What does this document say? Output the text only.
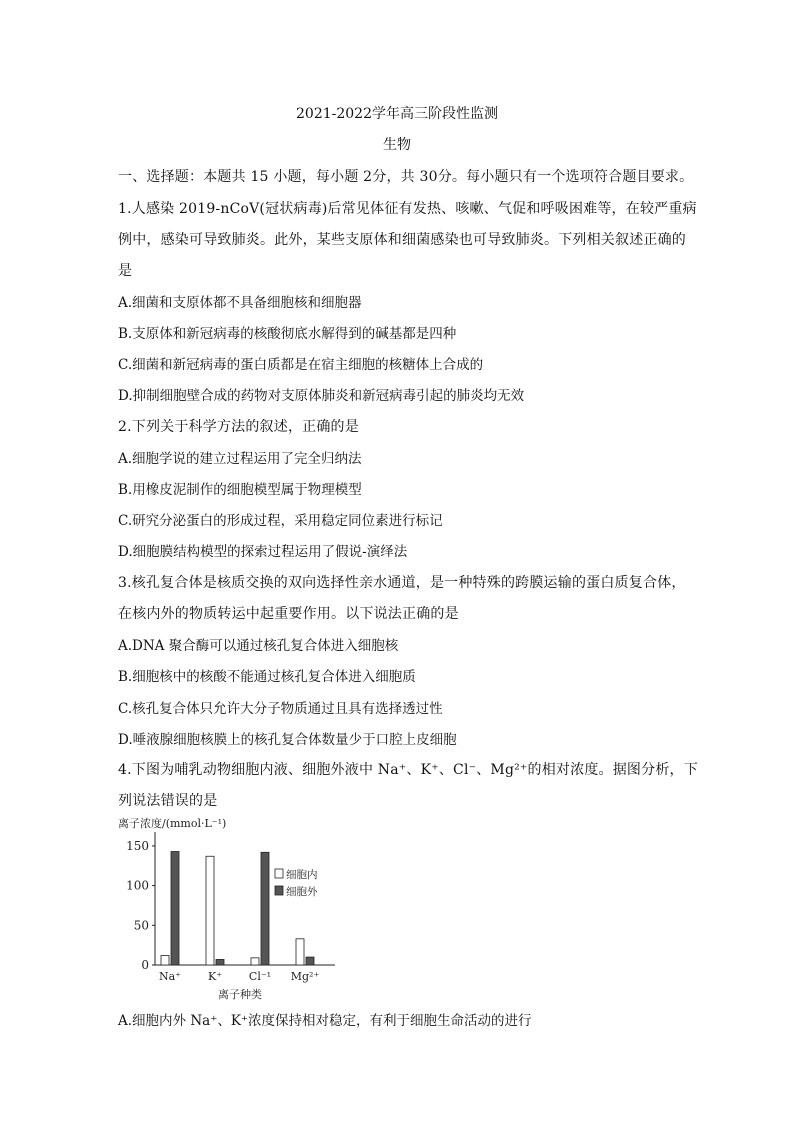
2021-2022学年高三阶段性监测
生物
一、选择题：本题共 15 小题，每小题 2分，共 30分。每小题只有一个选项符合题目要求。
1.人感染 2019-nCoV(冠状病毒)后常见体征有发热、咳嗽、气促和呼吸困难等，在较严重病
例中，感染可导致肺炎。此外，某些支原体和细菌感染也可导致肺炎。下列相关叙述正确的
是
A.细菌和支原体都不具备细胞核和细胞器
B.支原体和新冠病毒的核酸彻底水解得到的碱基都是四种
C.细菌和新冠病毒的蛋白质都是在宿主细胞的核糖体上合成的
D.抑制细胞壁合成的药物对支原体肺炎和新冠病毒引起的肺炎均无效
2.下列关于科学方法的叙述，正确的是
A.细胞学说的建立过程运用了完全归纳法
B.用橡皮泥制作的细胞模型属于物理模型
C.研究分泌蛋白的形成过程，采用稳定同位素进行标记
D.细胞膜结构模型的探索过程运用了假说-演绎法
3.核孔复合体是核质交换的双向选择性亲水通道，是一种特殊的跨膜运输的蛋白质复合体，
在核内外的物质转运中起重要作用。以下说法正确的是
A.DNA 聚合酶可以通过核孔复合体进入细胞核
B.细胞核中的核酸不能通过核孔复合体进入细胞质
C.核孔复合体只允许大分子物质通过且具有选择透过性
D.唾液腺细胞核膜上的核孔复合体数量少于口腔上皮细胞
4.下图为哺乳动物细胞内液、细胞外液中 Na⁺、K⁺、Cl⁻、Mg²⁺的相对浓度。据图分析，下
列说法错误的是
离子浓度/(mmol·L⁻¹)
离子种类
0
50
100
150
Na⁺ K⁺ Cl⁻¹ Mg²⁺
细胞内
细胞外
A.细胞内外 Na⁺、K⁺浓度保持相对稳定，有利于细胞生命活动的进行
